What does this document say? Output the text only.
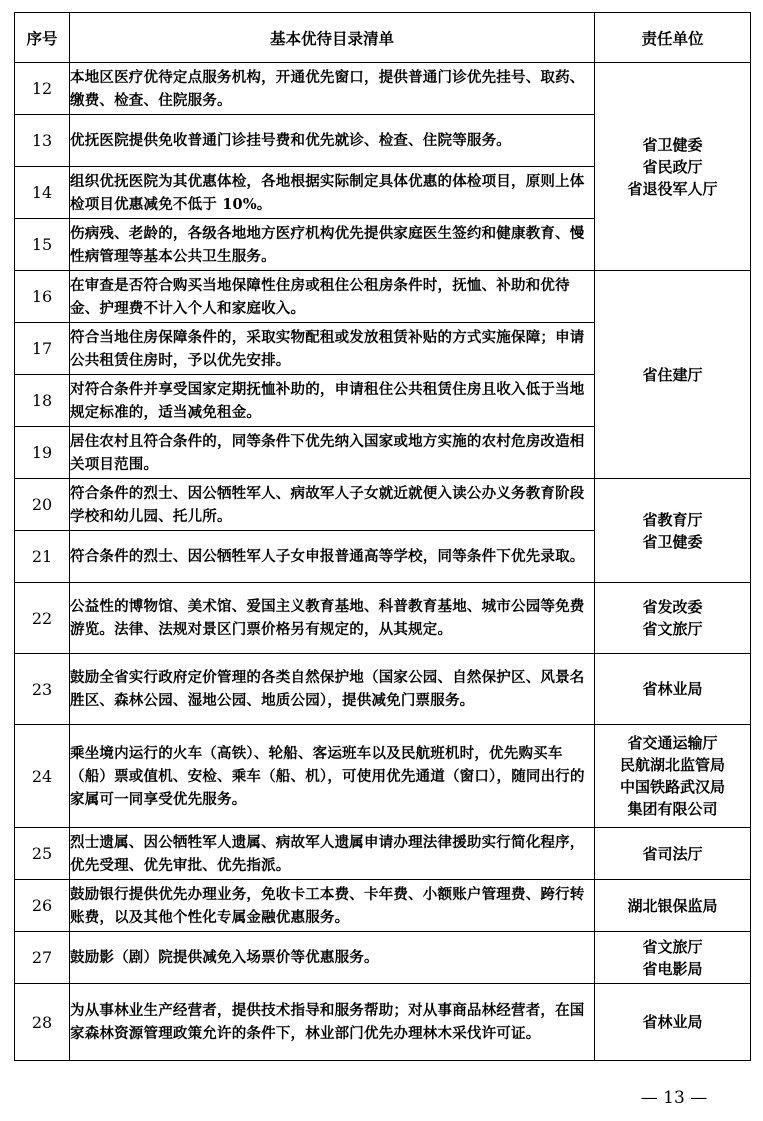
序号	基本优待目录清单	责任单位
12	本地区医疗优待定点服务机构，开通优先窗口，提供普通门诊优先挂号、取药、缴费、检查、住院服务。	省卫健委
省民政厅
省退役军人厅

13	优抚医院提供免收普通门诊挂号费和优先就诊、检查、住院等服务。	
14	组织优抚医院为其优惠体检，各地根据实际制定具体优惠的体检项目，原则上体检项目优惠减免不低于 10%。	
15	伤病残、老龄的，各级各地地方医疗机构优先提供家庭医生签约和健康教育、慢性病管理等基本公共卫生服务。	
16	在审查是否符合购买当地保障性住房或租住公租房条件时，抚恤、补助和优待金、护理费不计入个人和家庭收入。	省住建厅

17	符合当地住房保障条件的，采取实物配租或发放租赁补贴的方式实施保障；申请公共租赁住房时，予以优先安排。	
18	对符合条件并享受国家定期抚恤补助的，申请租住公共租赁住房且收入低于当地规定标准的，适当减免租金。	
19	居住农村且符合条件的，同等条件下优先纳入国家或地方实施的农村危房改造相关项目范围。	
20	符合条件的烈士、因公牺牲军人、病故军人子女就近就便入读公办义务教育阶段学校和幼儿园、托儿所。	省教育厅
省卫健委

21	符合条件的烈士、因公牺牲军人子女申报普通高等学校，同等条件下优先录取。	
22	公益性的博物馆、美术馆、爱国主义教育基地、科普教育基地、城市公园等免费游览。法律、法规对景区门票价格另有规定的，从其规定。	省发改委
省文旅厅

23	鼓励全省实行政府定价管理的各类自然保护地（国家公园、自然保护区、风景名胜区、森林公园、湿地公园、地质公园），提供减免门票服务。	省林业局

24	乘坐境内运行的火车（高铁）、轮船、客运班车以及民航班机时，优先购买车（船）票或值机、安检、乘车（船、机），可使用优先通道（窗口），随同出行的家属可一同享受优先服务。	省交通运输厅
民航湖北监管局
中国铁路武汉局
集团有限公司

25	烈士遗属、因公牺牲军人遗属、病故军人遗属申请办理法律援助实行简化程序，优先受理、优先审批、优先指派。	省司法厅

26	鼓励银行提供优先办理业务，免收卡工本费、卡年费、小额账户管理费、跨行转账费，以及其他个性化专属金融优惠服务。	湖北银保监局

27	鼓励影（剧）院提供减免入场票价等优惠服务。	省文旅厅
省电影局

28	为从事林业生产经营者，提供技术指导和服务帮助；对从事商品林经营者，在国家森林资源管理政策允许的条件下，林业部门优先办理林木采伐许可证。	省林业局
— 13 —
